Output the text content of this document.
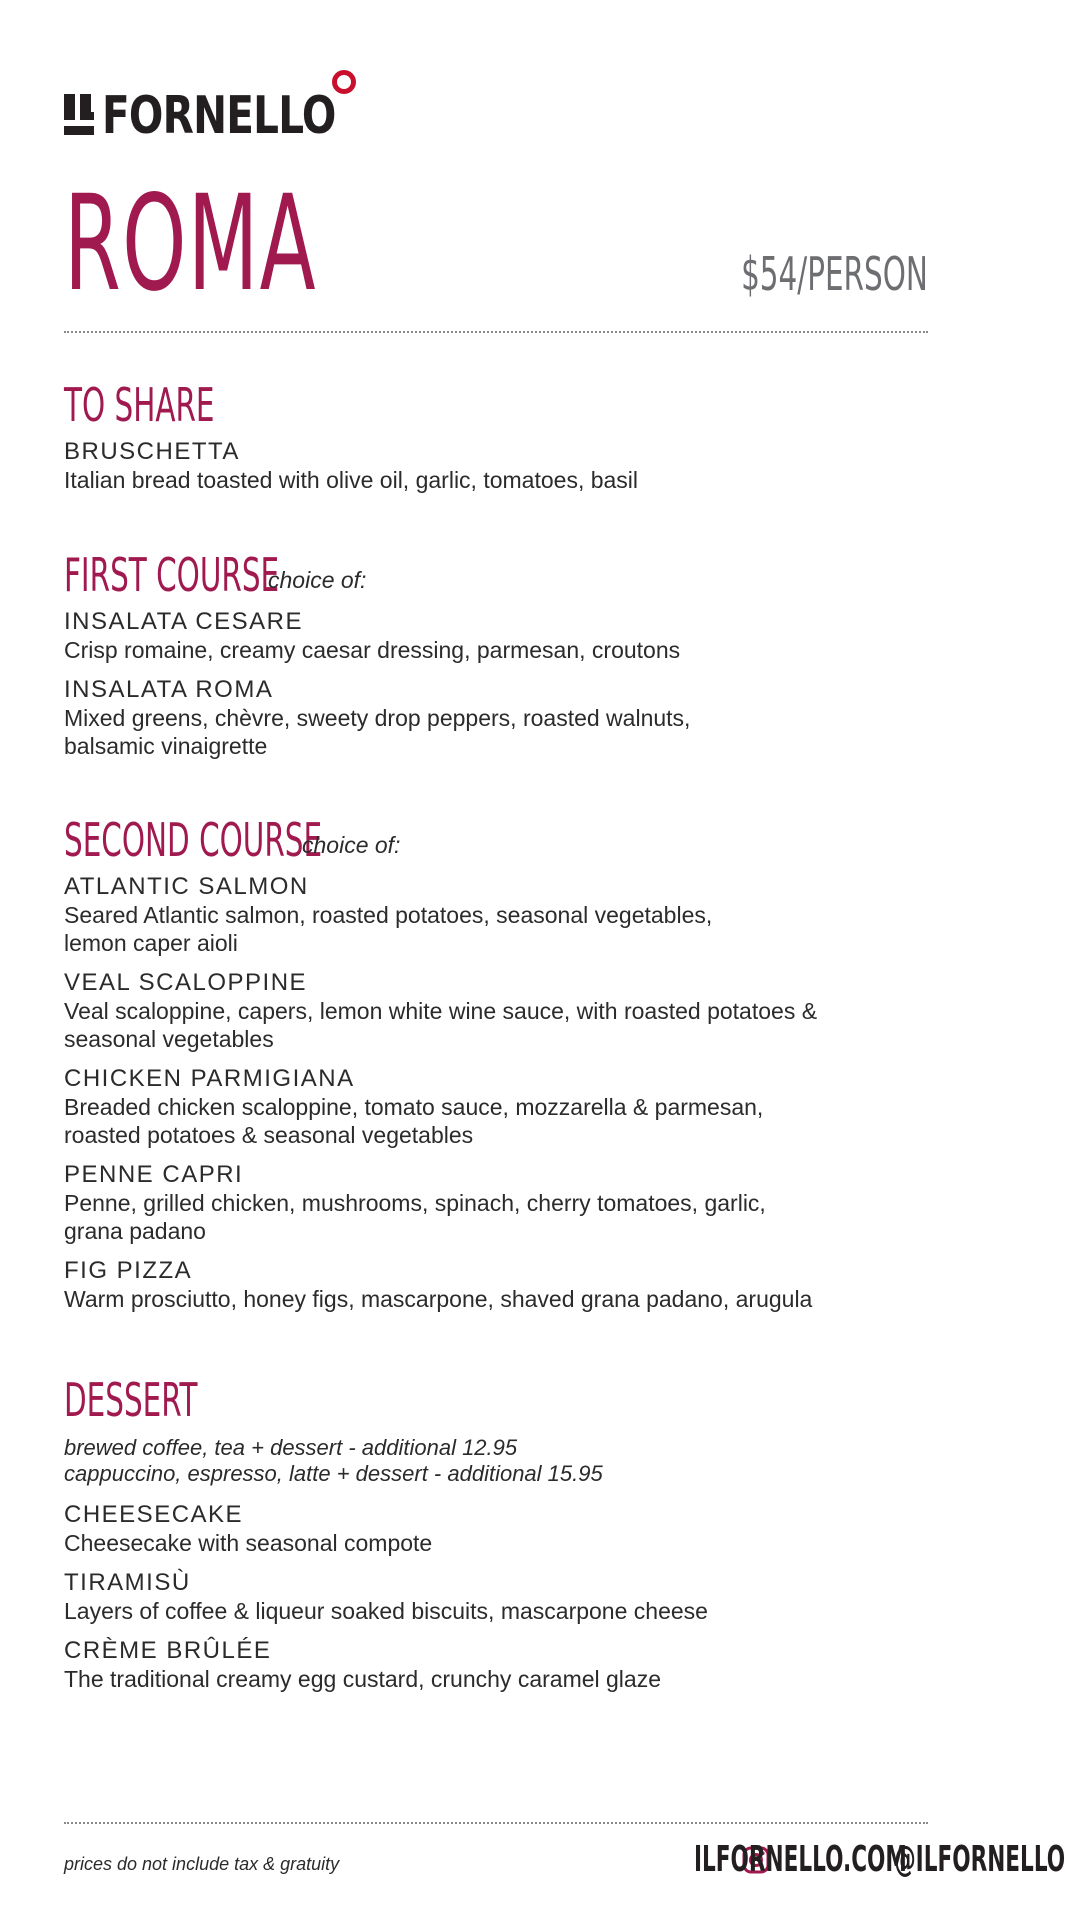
FORNELLO
ROMA	$54/PERSON
TO SHARE
BRUSCHETTA
Italian bread toasted with olive oil, garlic, tomatoes, basil
FIRST COURSE
choice of:
INSALATA CESARE
Crisp romaine, creamy caesar dressing, parmesan, croutons
INSALATA ROMA
Mixed greens, chèvre, sweety drop peppers, roasted walnuts,
balsamic vinaigrette
SECOND COURSE
choice of:
ATLANTIC SALMON
Seared Atlantic salmon, roasted potatoes, seasonal vegetables,
lemon caper aioli
VEAL SCALOPPINE
Veal scaloppine, capers, lemon white wine sauce, with roasted potatoes &
seasonal vegetables
CHICKEN PARMIGIANA
Breaded chicken scaloppine, tomato sauce, mozzarella & parmesan,
roasted potatoes & seasonal vegetables
PENNE CAPRI
Penne, grilled chicken, mushrooms, spinach, cherry tomatoes, garlic,
grana padano
FIG PIZZA
Warm prosciutto, honey figs, mascarpone, shaved grana padano, arugula
DESSERT
brewed coffee, tea + dessert - additional 12.95
cappuccino, espresso, latte + dessert - additional 15.95
CHEESECAKE
Cheesecake with seasonal compote
TIRAMISÙ
Layers of coffee & liqueur soaked biscuits, mascarpone cheese
CRÈME BRÛLÉE
The traditional creamy egg custard, crunchy caramel glaze
prices do not include tax & gratuity	ILFORNELLO.COM
@ILFORNELLO
